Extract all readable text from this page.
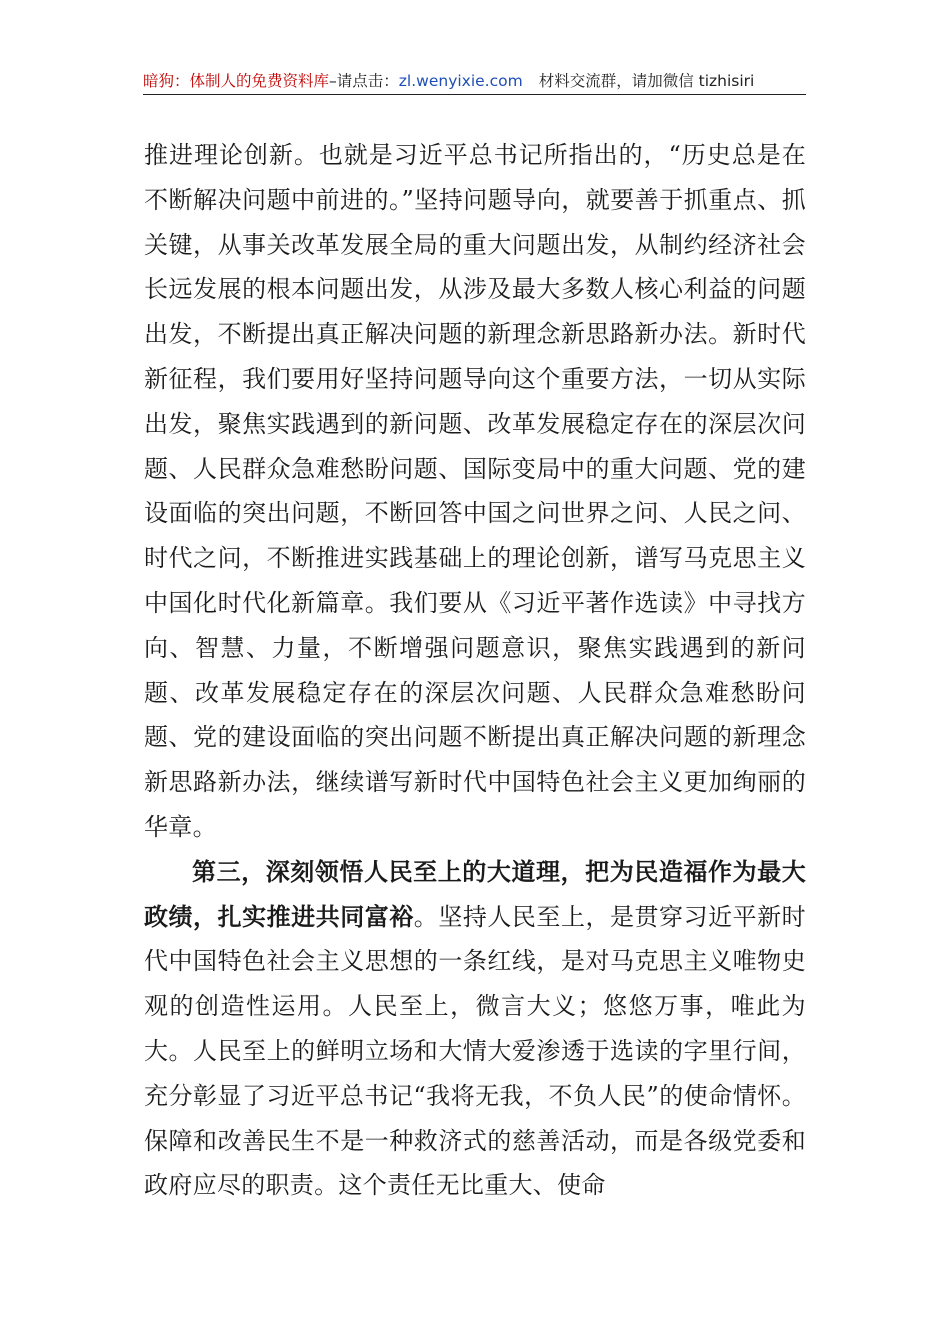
暗狗：体制人的免费资料库–请点击：zl.wenyixie.com 材料交流群，请加微信 tizhisiri

推进理论创新。也就是习近平总书记所指出的，“历史总是在不断解决问题中前进的。”坚持问题导向，就要善于抓重点、抓关键，从事关改革发展全局的重大问题出发，从制约经济社会长远发展的根本问题出发，从涉及最大多数人核心利益的问题出发，不断提出真正解决问题的新理念新思路新办法。新时代新征程，我们要用好坚持问题导向这个重要方法，一切从实际出发，聚焦实践遇到的新问题、改革发展稳定存在的深层次问题、人民群众急难愁盼问题、国际变局中的重大问题、党的建设面临的突出问题，不断回答中国之问世界之问、人民之问、时代之问，不断推进实践基础上的理论创新，谱写马克思主义中国化时代化新篇章。我们要从《习近平著作选读》中寻找方向、智慧、力量，不断增强问题意识，聚焦实践遇到的新问题、改革发展稳定存在的深层次问题、人民群众急难愁盼问题、党的建设面临的突出问题不断提出真正解决问题的新理念新思路新办法，继续谱写新时代中国特色社会主义更加绚丽的华章。

第三，深刻领悟人民至上的大道理，把为民造福作为最大政绩，扎实推进共同富裕。坚持人民至上，是贯穿习近平新时代中国特色社会主义思想的一条红线，是对马克思主义唯物史观的创造性运用。人民至上，微言大义；悠悠万事，唯此为大。人民至上的鲜明立场和大情大爱渗透于选读的字里行间，充分彰显了习近平总书记“我将无我，不负人民”的使命情怀。保障和改善民生不是一种救济式的慈善活动，而是各级党委和政府应尽的职责。这个责任无比重大、使命
